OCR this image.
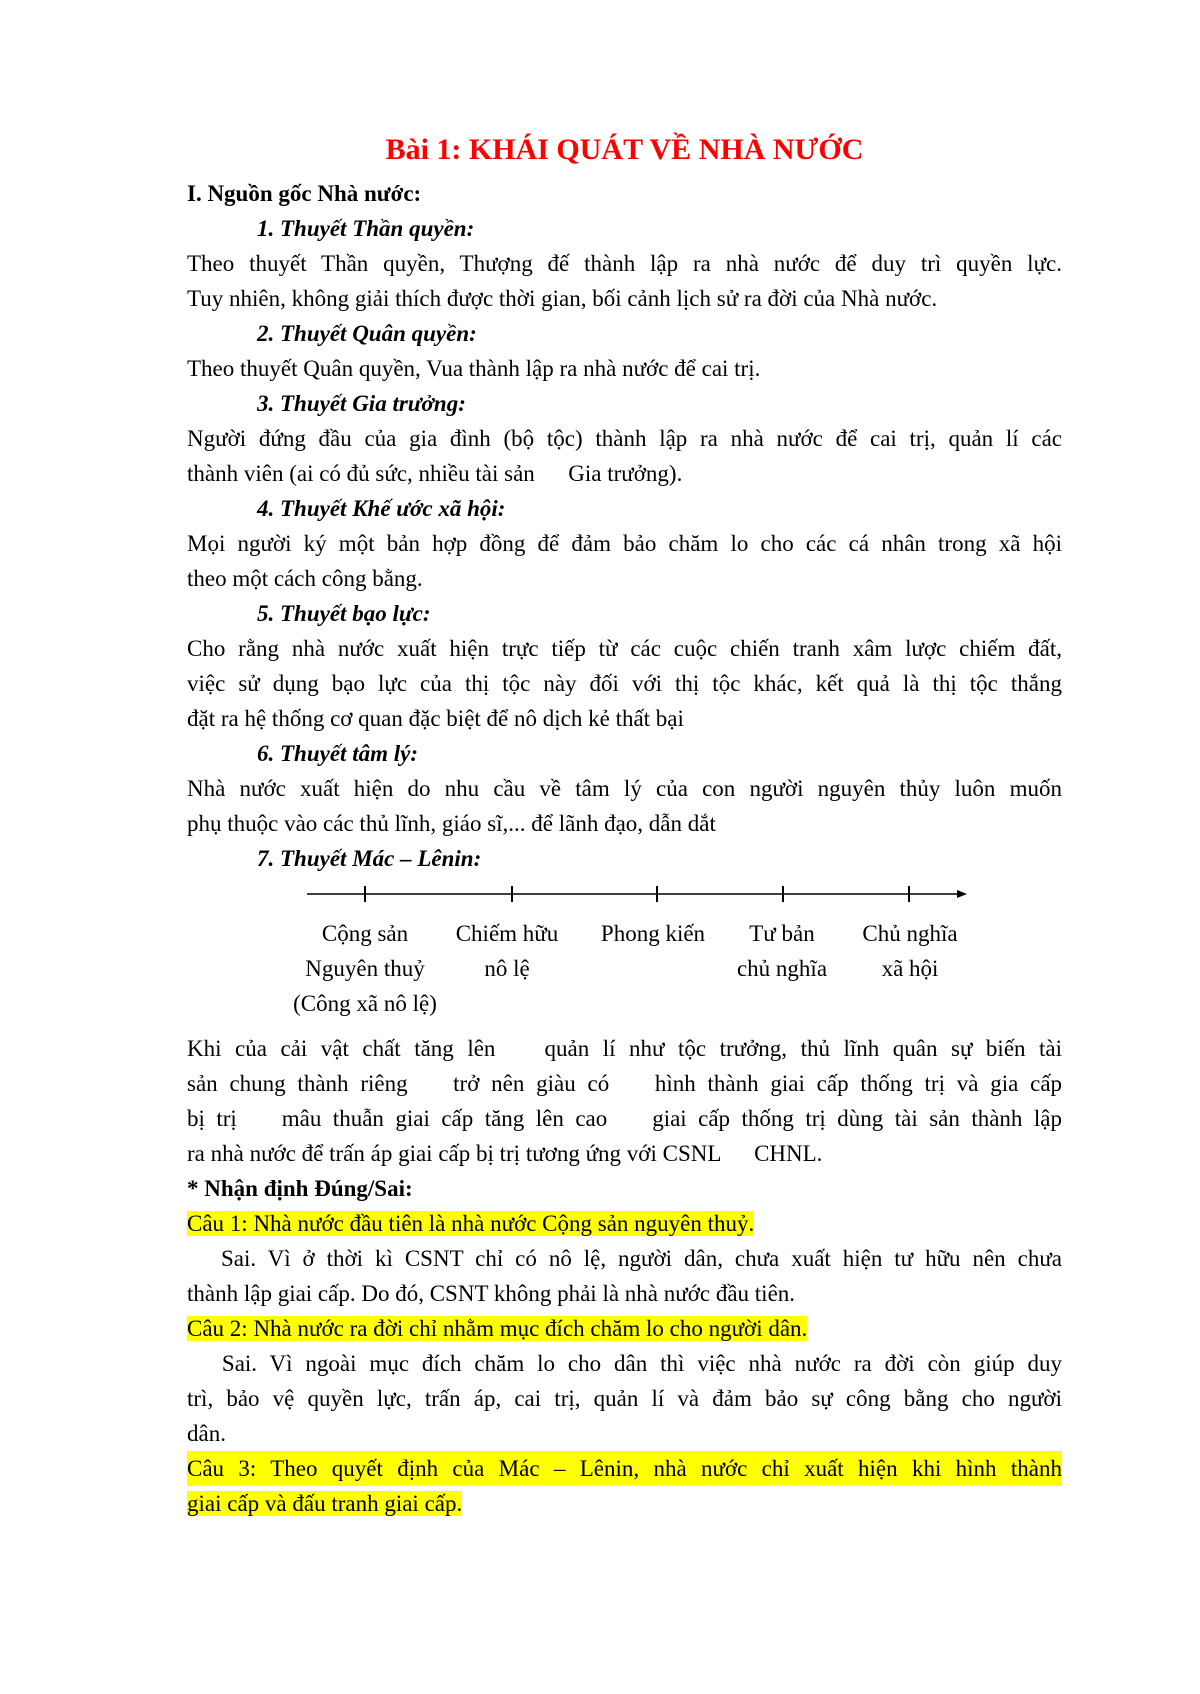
Bài 1: KHÁI QUÁT VỀ NHÀ NƯỚC

I. Nguồn gốc Nhà nước:

1. Thuyết Thần quyền:

Theo thuyết Thần quyền, Thượng đế thành lập ra nhà nước để duy trì quyền lực.

Tuy nhiên, không giải thích được thời gian, bối cảnh lịch sử ra đời của Nhà nước.

2. Thuyết Quân quyền:

Theo thuyết Quân quyền, Vua thành lập ra nhà nước để cai trị.

3. Thuyết Gia trưởng:

Người đứng đầu của gia đình (bộ tộc) thành lập ra nhà nước để cai trị, quản lí các

thành viên (ai có đủ sức, nhiều tài sản Gia trưởng).

4. Thuyết Khế ước xã hội:

Mọi người ký một bản hợp đồng để đảm bảo chăm lo cho các cá nhân trong xã hội

theo một cách công bằng.

5. Thuyết bạo lực:

Cho rằng nhà nước xuất hiện trực tiếp từ các cuộc chiến tranh xâm lược chiếm đất,

việc sử dụng bạo lực của thị tộc này đối với thị tộc khác, kết quả là thị tộc thắng

đặt ra hệ thống cơ quan đặc biệt để nô dịch kẻ thất bại

6. Thuyết tâm lý:

Nhà nước xuất hiện do nhu cầu về tâm lý của con người nguyên thủy luôn muốn

phụ thuộc vào các thủ lĩnh, giáo sĩ,... để lãnh đạo, dẫn dắt

7. Thuyết Mác – Lênin:

Cộng sản
Nguyên thuỷ
(Công xã nô lệ)
Chiếm hữu
nô lệ
Phong kiến	Tư bản
chủ nghĩa
Chủ nghĩa
xã hội

Khi của cải vật chất tăng lên quản lí như tộc trưởng, thủ lĩnh quân sự biến tài

sản chung thành riêng trở nên giàu có hình thành giai cấp thống trị và gia cấp

bị trị mâu thuẫn giai cấp tăng lên cao giai cấp thống trị dùng tài sản thành lập

ra nhà nước để trấn áp giai cấp bị trị tương ứng với CSNL CHNL.

* Nhận định Đúng/Sai:

Câu 1: Nhà nước đầu tiên là nhà nước Cộng sản nguyên thuỷ.

Sai. Vì ở thời kì CSNT chỉ có nô lệ, người dân, chưa xuất hiện tư hữu nên chưa

thành lập giai cấp. Do đó, CSNT không phải là nhà nước đầu tiên.

Câu 2: Nhà nước ra đời chỉ nhằm mục đích chăm lo cho người dân.

Sai. Vì ngoài mục đích chăm lo cho dân thì việc nhà nước ra đời còn giúp duy

trì, bảo vệ quyền lực, trấn áp, cai trị, quản lí và đảm bảo sự công bằng cho người

dân.

Câu 3: Theo quyết định của Mác – Lênin, nhà nước chỉ xuất hiện khi hình thành

giai cấp và đấu tranh giai cấp.
